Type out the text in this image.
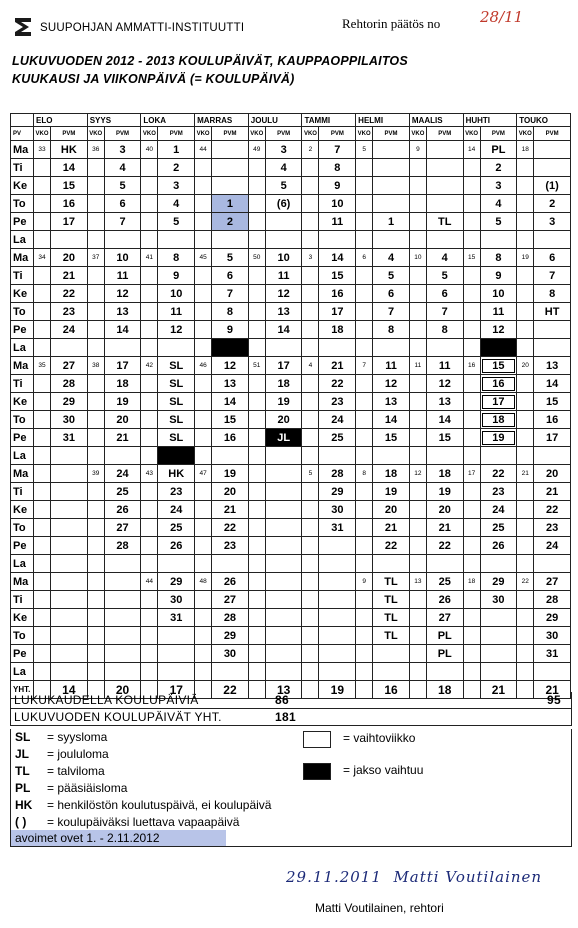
SUUPOHJAN AMMATTI-INSTITUUTTI	Rehtorin päätös no	28/11
LUKUVUODEN 2012 - 2013 KOULUPÄIVÄT, KAUPPAOPPILAITOS
KUUKAUSI JA VIIKONPÄIVÄ (= KOULUPÄIVÄ)
	ELO		SYYS		LOKA		MARRAS		JOULU		TAMMI		HELMI		MAALIS		HUHTI		TOUKO	
PV	VKO	PVM	VKO	PVM	VKO	PVM	VKO	PVM	VKO	PVM	VKO	PVM	VKO	PVM	VKO	PVM	VKO	PVM	VKO	PVM
Ma	33	HK	36	3	40	1	44		49	3	2	7	5		9		14	PL	18	
Ti		14		4		2				4		8						2		
Ke		15		5		3				5		9						3		(1)
To		16		6		4		1		(6)		10						4		2
Pe		17		7		5		2				11		1		TL		5		3
La																				
Ma	34	20	37	10	41	8	45	5	50	10	3	14	6	4	10	4	15	8	19	6
Ti		21		11		9		6		11		15		5		5		9		7
Ke		22		12		10		7		12		16		6		6		10		8
To		23		13		11		8		13		17		7		7		11		HT
Pe		24		14		12		9		14		18		8		8		12		
La																				
Ma	35	27	38	17	42	SL	46	12	51	17	4	21	7	11	11	11	16	15	20	13
Ti		28		18		SL		13		18		22		12		12		16		14
Ke		29		19		SL		14		19		23		13		13		17		15
To		30		20		SL		15		20		24		14		14		18		16
Pe		31		21		SL		16		JL		25		15		15		19		17
La																				
Ma			39	24	43	HK	47	19			5	28	8	18	12	18	17	22	21	20
Ti				25		23		20				29		19		19		23		21
Ke				26		24		21				30		20		20		24		22
To				27		25		22				31		21		21		25		23
Pe				28		26		23						22		22		26		24
La																				
Ma					44	29	48	26					9	TL	13	25	18	29	22	27
Ti						30		27						TL		26		30		28
Ke						31		28						TL		27				29
To								29						TL		PL				30
Pe								30								PL				31
La																				
YHT.		14		20		17		22		13		19		16		18		21		21
LUKUKAUDELLA KOULUPÄIVIÄ	86	95
LUKUVUODEN KOULUPÄIVÄT YHT.	181
SL = syysloma
JL = joululoma
TL = talviloma
PL = pääsiäisloma
HK = henkilöstön koulutuspäivä, ei koulupäivä
( ) = koulupäiväksi luettava vapaapäivä
= vaihtoviikko
= jakso vaihtuu
avoimet ovet 1. - 2.11.2012
29.11.2011 Matti Voutilainen
Matti Voutilainen, rehtori
